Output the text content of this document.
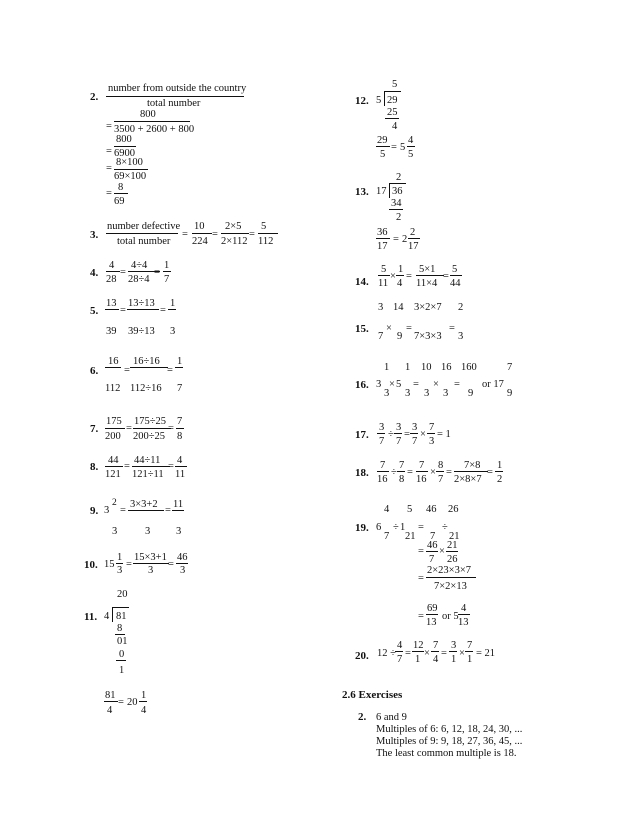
2.
number from outside the country
total number
=
800
3500 + 2600 + 800
=
800
6900
=
8×100
69×100
=
8
69
3.
number defective
total number
=
10
224
=
2×5
2×112
=
5
112
4.
4
28
=
4÷4
28÷4
=
1
7
5.
13
39
=
13÷13
39÷13
=
1
3
6.
16
112
=
16÷16
112÷16
=
1
7
7.
175
200
=
175÷25
200÷25
=
7
8
8.
44
121
=
44÷11
121÷11
=
4
11
9. 3
2
=
3
3×3+2
3
=
11
3
10. 15
1
3
=
15×3+1
3
=
46
3
11.
20
4 81
8
01
0
1
81
4
= 20
1
4
12.
5
5 29
25
4
29
5
= 5
4
5
13.
2
17 36
34
2
36
17
= 2
2
17
14.
5
11
×
1
4
=
5×1
11×4
=
5
44
15.
3
7
×
14
9
=
3×2×7
7×3×3
=
2
3
16.
1
3
3
× 5
1
3
=
10
3
×
16
3
=
160
9
or 17
7
9
17.
3
7
÷
3
7
=
3
7
×
7
3
= 1
18.
7
16
÷
7
8
=
7
16
×
8
7
=
7×8
2×8×7
=
1
2
19.
4
6
7
÷ 1
5
21
=
46
7
÷
26
21
=
46
7
×
21
26
=
2×23×3×7
7×2×13
=
69
13
or 5
4
13
20. 12 ÷
4
7
=
12
1
×
7
4
=
3
1
×
7
1
= 21
2.6 Exercises
2. 6 and 9
Multiples of 6: 6, 12, 18, 24, 30, ...
Multiples of 9: 9, 18, 27, 36, 45, ...
The least common multiple is 18.
